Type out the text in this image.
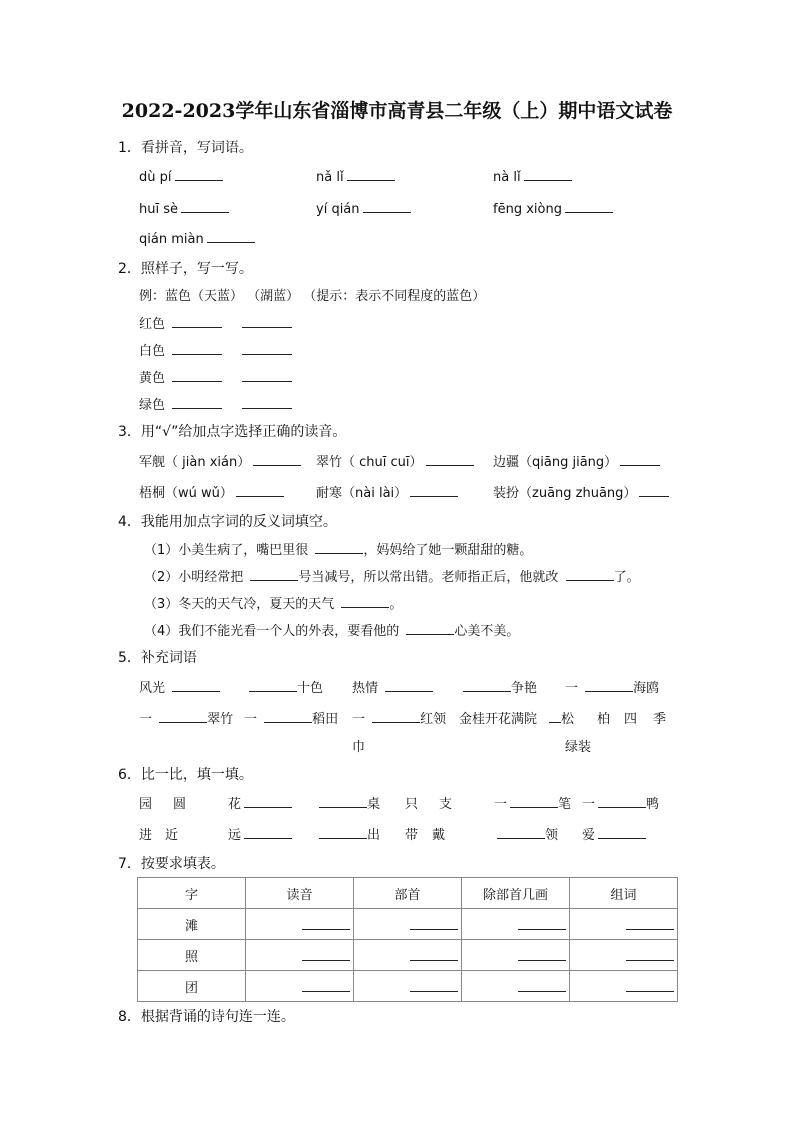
2022-2023学年山东省淄博市高青县二年级（上）期中语文试卷
1．看拼音，写词语。
dù pí	nǎ lǐ	nà lǐ
huī sè	yí qián	fēng xiòng
qián miàn
2．照样子，写一写。
例：蓝色（天蓝） （湖蓝） （提示：表示不同程度的蓝色）
红色
白色
黄色
绿色
3．用“√”给加点字选择正确的读音。
军舰（ jiàn xián）	翠竹（ chuī cuī）	边疆（qiāng jiāng）
梧桐（wú wǔ）	耐寒（nài lài）	装扮（zuāng zhuāng）
4．我能用加点字词的反义词填空。
（1）小美生病了，嘴巴里很	，妈妈给了她一颗甜甜的糖。
（2）小明经常把	号当减号，所以常出错。老师指正后，他就改	了。
（3）冬天的天气冷，夏天的天气	。
（4）我们不能光看一个人的外表，要看他的	心美不美。
5．补充词语
风光	十色 热情	争艳 一	海鸥
一	翠竹 一	稻田 一	红领
巾
金桂开花满院	松 柏 四 季
绿装
6．比一比，填一填。
园 圆	花	桌 只 支	一	笔 一	鸭
进 近	远	出 带 戴	领 爱
7．按要求填表。
字	读音	部首	除部首几画	组词
滩				
照				
团				
8．根据背诵的诗句连一连。
